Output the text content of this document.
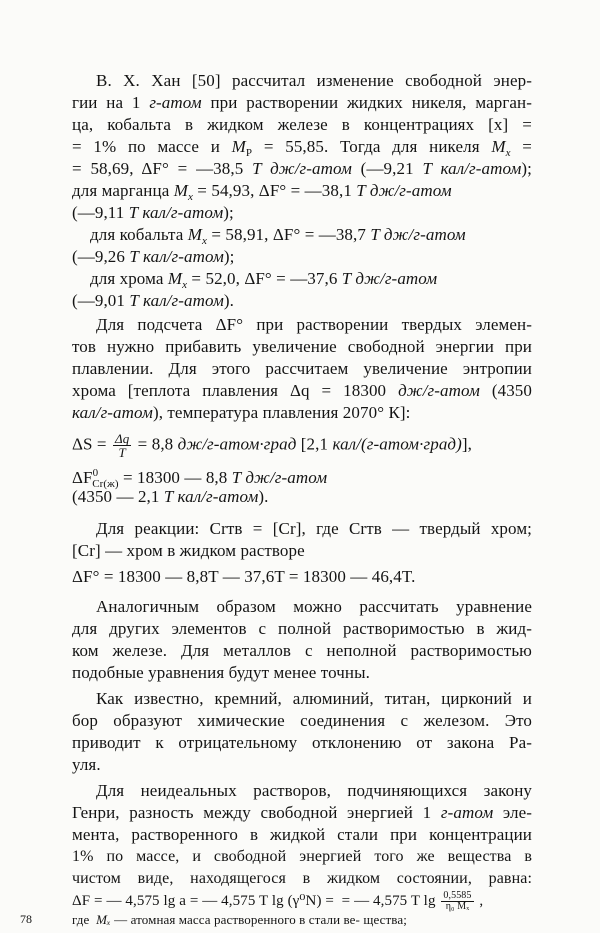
В. Х. Хан [50] рассчитал изменение свободной энер-
гии на 1 г-атом при растворении жидких никеля, марган-
ца, кобальта в жидком железе в концентрациях [x] =
= 1% по массе и $M_Р = 55,85$. Тогда для никеля $M_x$ =
= 58,69, ΔF° = —38,5 T дж/г-атом (—9,21 T кал/г-атом);
для марганца $M_x = 54,93$, ΔF° = —38,1 T дж/г-атом
(—9,11 T кал/г-атом);
для кобальта $M_x = 58,91$, ΔF° = —38,7 T дж/г-атом
(—9,26 T кал/г-атом);
для хрома $M_x = 52,0$, ΔF° = —37,6 T дж/г-атом
(—9,01 T кал/г-атом).
Для подсчета ΔF° при растворении твердых элемен-
тов нужно прибавить увеличение свободной энергии при
плавлении. Для этого рассчитаем увеличение энтропии
хрома [теплота плавления Δq = 18300 дж/г-атом (4350
кал/г-атом), температура плавления 2070° К]:
$\Delta S = \frac{\Delta q}{T} = 8,8$ дж/г-атом·град [2,1 кал/(г-атом·град)],
$\Delta F^0_{Cr(ж)} = 18300$ — 8,8 T дж/г-атом
(4350 — 2,1 T кал/г-атом).
Для реакции: Crтв = [Cr], где Crтв — твердый хром;
[Cr] — хром в жидком растворе
ΔF° = 18300 — 8,8T — 37,6T = 18300 — 46,4T.
Аналогичным образом можно рассчитать уравнение
для других элементов с полной растворимостью в жид-
ком железе. Для металлов с неполной растворимостью
подобные уравнения будут менее точны.
Как известно, кремний, алюминий, титан, цирконий и
бор образуют химические соединения с железом. Это
приводит к отрицательному отклонению от закона Ра-
уля.
Для неидеальных растворов, подчиняющихся закону
Генри, разность между свободной энергией 1 г-атом эле-
мента, растворенного в жидкой стали при концентрации
1% по массе, и свободной энергией того же вещества в
чистом виде, находящегося в жидком состоянии, равна:
ΔF = — 4,575 lg a = — 4,575 T lg (γ⁰N) = = — 4,575 T $\lg \frac{0,5585}{\text{η₀ Mₓ}}$ ,
где Mₓ — атомная масса растворенного в стали ве- щества;
78
